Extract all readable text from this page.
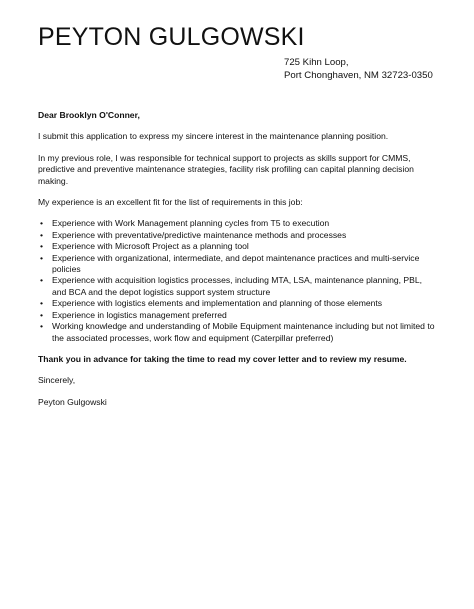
PEYTON GULGOWSKI
725 Kihn Loop,
Port Chonghaven, NM 32723-0350

Dear Brooklyn O'Conner,

I submit this application to express my sincere interest in the maintenance planning position.

In my previous role, I was responsible for technical support to projects as skills support for CMMS, predictive and preventive maintenance strategies, facility risk profiling can capital planning decision making.

My experience is an excellent fit for the list of requirements in this job:

• Experience with Work Management planning cycles from T5 to execution
• Experience with preventative/predictive maintenance methods and processes
• Experience with Microsoft Project as a planning tool
• Experience with organizational, intermediate, and depot maintenance practices and multi-service policies
• Experience with acquisition logistics processes, including MTA, LSA, maintenance planning, PBL, and BCA and the depot logistics support system structure
• Experience with logistics elements and implementation and planning of those elements
• Experience in logistics management preferred
• Working knowledge and understanding of Mobile Equipment maintenance including but not limited to the associated processes, work flow and equipment (Caterpillar preferred)

Thank you in advance for taking the time to read my cover letter and to review my resume.

Sincerely,

Peyton Gulgowski
